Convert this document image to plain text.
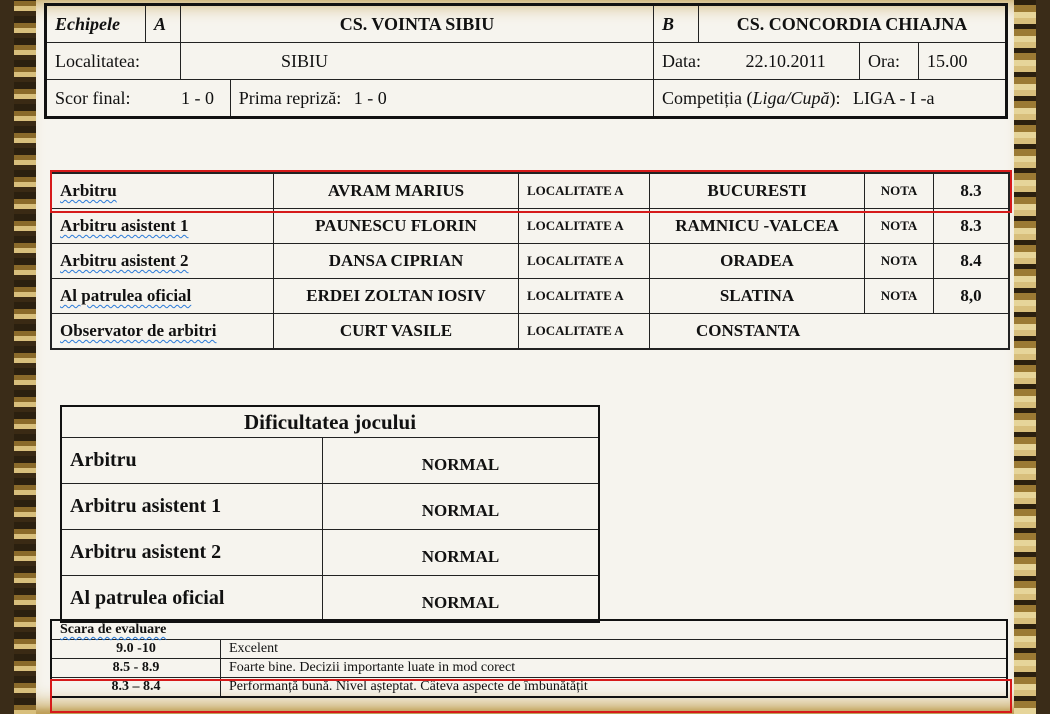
Echipele	A	CS. VOINTA SIBIU		B	CS. CONCORDIA CHIAJNA		
Localitatea:		SIBIU		Data: 22.10.2011		Ora:	15.00
Scor final: 1 - 0			Prima repriză: 1 - 0	Competiția (Liga/Cupă): LIGA - I -a			
Arbitru	AVRAM MARIUS	LOCALITATE A	BUCURESTI	NOTA	8.3
Arbitru asistent 1	PAUNESCU FLORIN	LOCALITATE A	RAMNICU -VALCEA	NOTA	8.3
Arbitru asistent 2	DANSA CIPRIAN	LOCALITATE A	ORADEA	NOTA	8.4
Al patrulea oficial	ERDEI ZOLTAN IOSIV	LOCALITATE A	SLATINA	NOTA	8,0
Observator de arbitri	CURT VASILE	LOCALITATE A	CONSTANTA		
Dificultatea jocului	
Arbitru	NORMAL
Arbitru asistent 1	NORMAL
Arbitru asistent 2	NORMAL
Al patrulea oficial	NORMAL
Scara de evaluare	
9.0 -10	Excelent
8.5 - 8.9	Foarte bine. Decizii importante luate in mod corect
8.3 – 8.4	Performanță bună. Nivel așteptat. Câteva aspecte de îmbunătățit
